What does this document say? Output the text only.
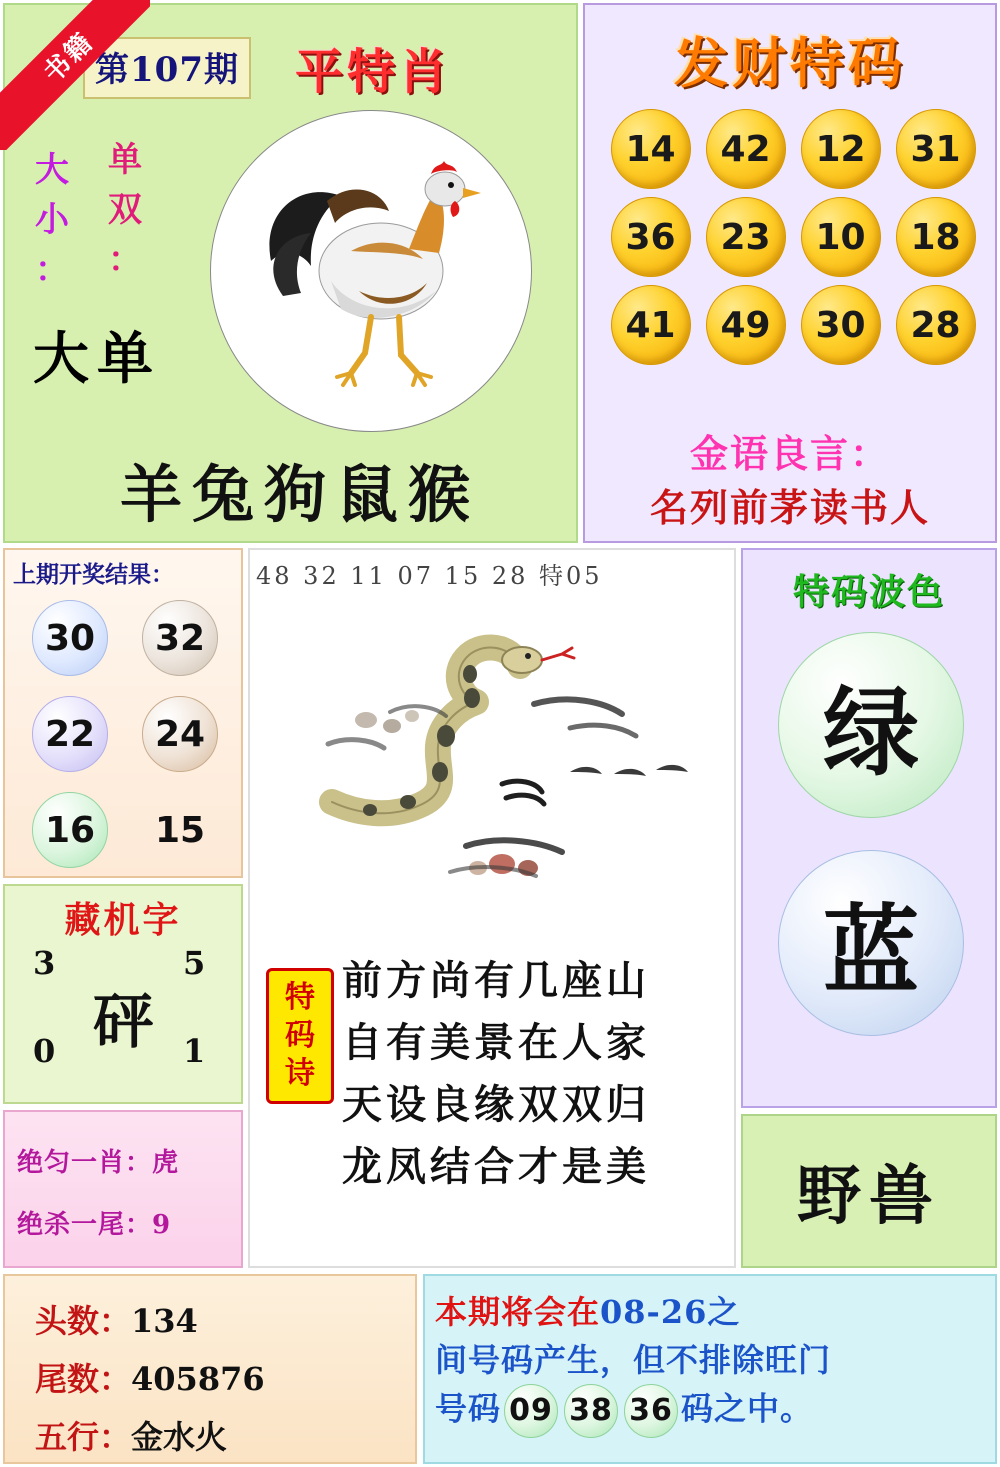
书籍
第107期 平特肖
大
小
：
单
双
：
大单
羊兔狗鼠猴
发财特码
14	42	12	31
36	23	10	18
41	49	30	28
金语良言：
名列前茅读书人
上期开奖结果：
30	32
22	24
16	15
藏机字
3	5
砰
0	1
绝匀一肖：虎
绝杀一尾：9
48 32 11 07 15 28 特05
特码诗
前方尚有几座山
自有美景在人家
天设良缘双双归
龙凤结合才是美
特码波色
绿
蓝
野兽
头数：134
尾数：405876
五行：金水火
本期将会在08-26之
间号码产生，但不排除旺门
号码 09 38 36 码之中。
